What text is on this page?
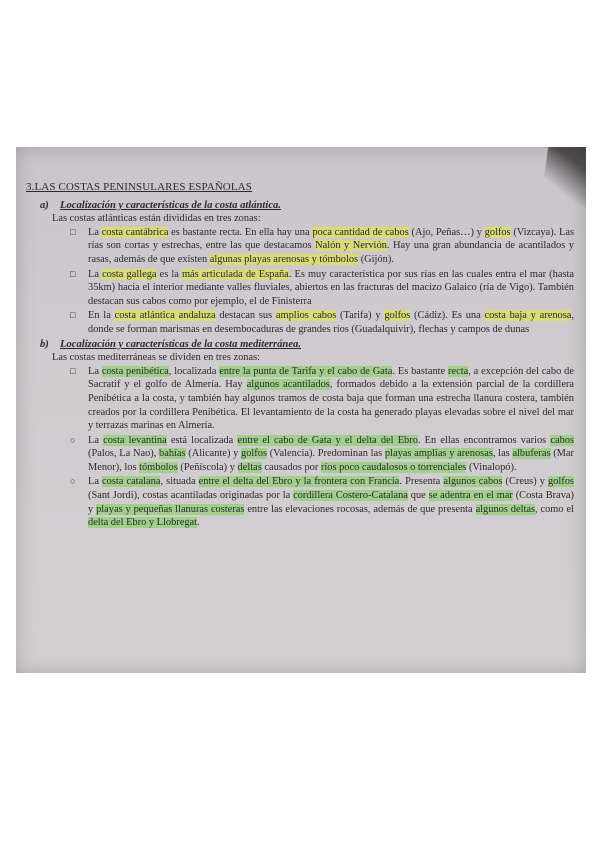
3.LAS COSTAS PENINSULARES ESPAÑOLAS
a)	Localización y características de la costa atlántica.
Las costas atlánticas están divididas en tres zonas:
□ La costa cantábrica es bastante recta. En ella hay una poca cantidad de cabos (Ajo, Peñas…) y golfos (Vizcaya). Las rías son cortas y estrechas, entre las que destacamos Nalón y Nervión. Hay una gran abundancia de acantilados y rasas, además de que existen algunas playas arenosas y tómbolos (Gijón).
□ La costa gallega es la más articulada de España. Es muy característica por sus rías en las cuales entra el mar (hasta 35km) hacia el interior mediante valles fluviales, abiertos en las fracturas del macizo Galaico (ría de Vigo). También destacan sus cabos como por ejemplo, el de Finisterra
□ En la costa atlántica andaluza destacan sus amplios cabos (Tarifa) y golfos (Cádiz). Es una costa baja y arenosa, donde se forman marismas en desembocaduras de grandes ríos (Guadalquivir), flechas y campos de dunas
b)	Localización y características de la costa mediterránea.
Las costas mediterráneas se dividen en tres zonas:
□ La costa penibética, localizada entre la punta de Tarifa y el cabo de Gata. Es bastante recta, a excepción del cabo de Sacratif y el golfo de Almería. Hay algunos acantilados, formados debido a la extensión parcial de la cordillera Penibética a la costa, y también hay algunos tramos de costa baja que forman una estrecha llanura costera, también creados por la cordillera Penibética. El levantamiento de la costa ha generado playas elevadas sobre el nivel del mar y terrazas marinas en Almería.
○ La costa levantina está localizada entre el cabo de Gata y el delta del Ebro. En ellas encontramos varios cabos (Palos, La Nao), bahías (Alicante) y golfos (Valencia). Predominan las playas amplias y arenosas, las albuferas (Mar Menor), los tómbolos (Peñíscola) y deltas causados por ríos poco caudalosos o torrenciales (Vinalopó).
○ La costa catalana, situada entre el delta del Ebro y la frontera con Francia. Presenta algunos cabos (Creus) y golfos (Sant Jordi), costas acantiladas originadas por la cordillera Costero-Catalana que se adentra en el mar (Costa Brava) y playas y pequeñas llanuras costeras entre las elevaciones rocosas, además de que presenta algunos deltas, como el delta del Ebro y Llobregat.
